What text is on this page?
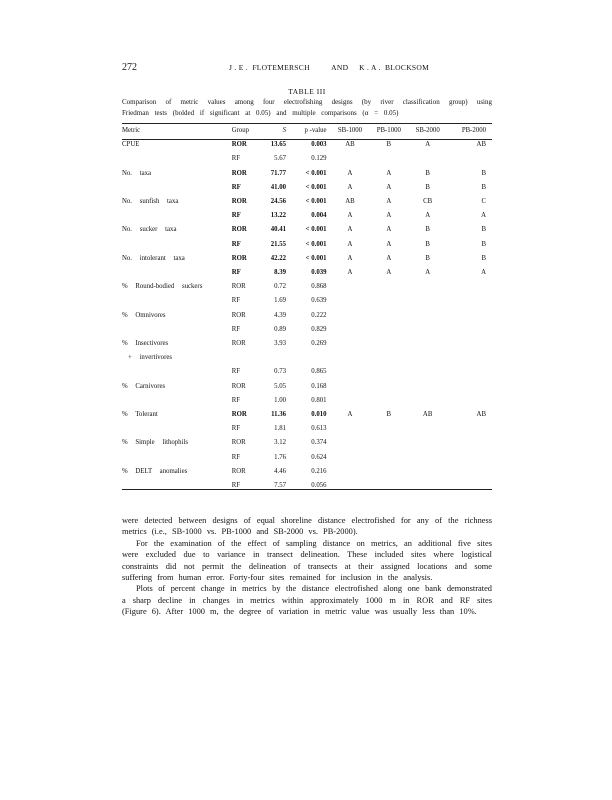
272	J . E .  FLOTEMERSCH          AND     K . A .  BLOCKSOM
TABLE III
Comparison of metric values among four electrofishing designs (by river classification group) using
Friedman tests (bolded if significant at 0.05) and multiple comparisons (α = 0.05)
Metric	Group	S	p -value	SB-1000	PB-1000	SB-2000	PB-2000
CPUE	ROR	13.65	0.003	AB	B	A	AB
	RF	5.67	0.129				
No. taxa	ROR	71.77	< 0.001	A	A	B	B
	RF	41.00	< 0.001	A	A	B	B
No. sunfish taxa	ROR	24.56	< 0.001	AB	A	CB	C
	RF	13.22	0.004	A	A	A	A
No. sucker taxa	ROR	40.41	< 0.001	A	A	B	B
	RF	21.55	< 0.001	A	A	B	B
No. intolerant taxa	ROR	42.22	< 0.001	A	A	B	B
	RF	8.39	0.039	A	A	A	A
% Round-bodied suckers	ROR	0.72	0.868				
	RF	1.69	0.639				
% Omnivores	ROR	4.39	0.222				
	RF	0.89	0.829				
% Insectivores	ROR	3.93	0.269				
+ invertivores							
	RF	0.73	0.865				
% Carnivores	ROR	5.05	0.168				
	RF	1.00	0.801				
% Tolerant	ROR	11.36	0.010	A	B	AB	AB
	RF	1.81	0.613				
% Simple lithophils	ROR	3.12	0.374				
	RF	1.76	0.624				
% DELT anomalies	ROR	4.46	0.216				
	RF	7.57	0.056				

were detected between designs of equal shoreline distance electrofished for any of the richness metrics (i.e., SB-1000 vs. PB-1000 and SB-2000 vs. PB-2000).

For the examination of the effect of sampling distance on metrics, an additional five sites were excluded due to variance in transect delineation. These included sites where logistical constraints did not permit the delineation of transects at their assigned locations and some suffering from human error. Forty-four sites remained for inclusion in the analysis.

Plots of percent change in metrics by the distance electrofished along one bank demonstrated a sharp decline in changes in metrics within approximately 1000 m in ROR and RF sites (Figure 6). After 1000 m, the degree of variation in metric value was usually less than 10%.
